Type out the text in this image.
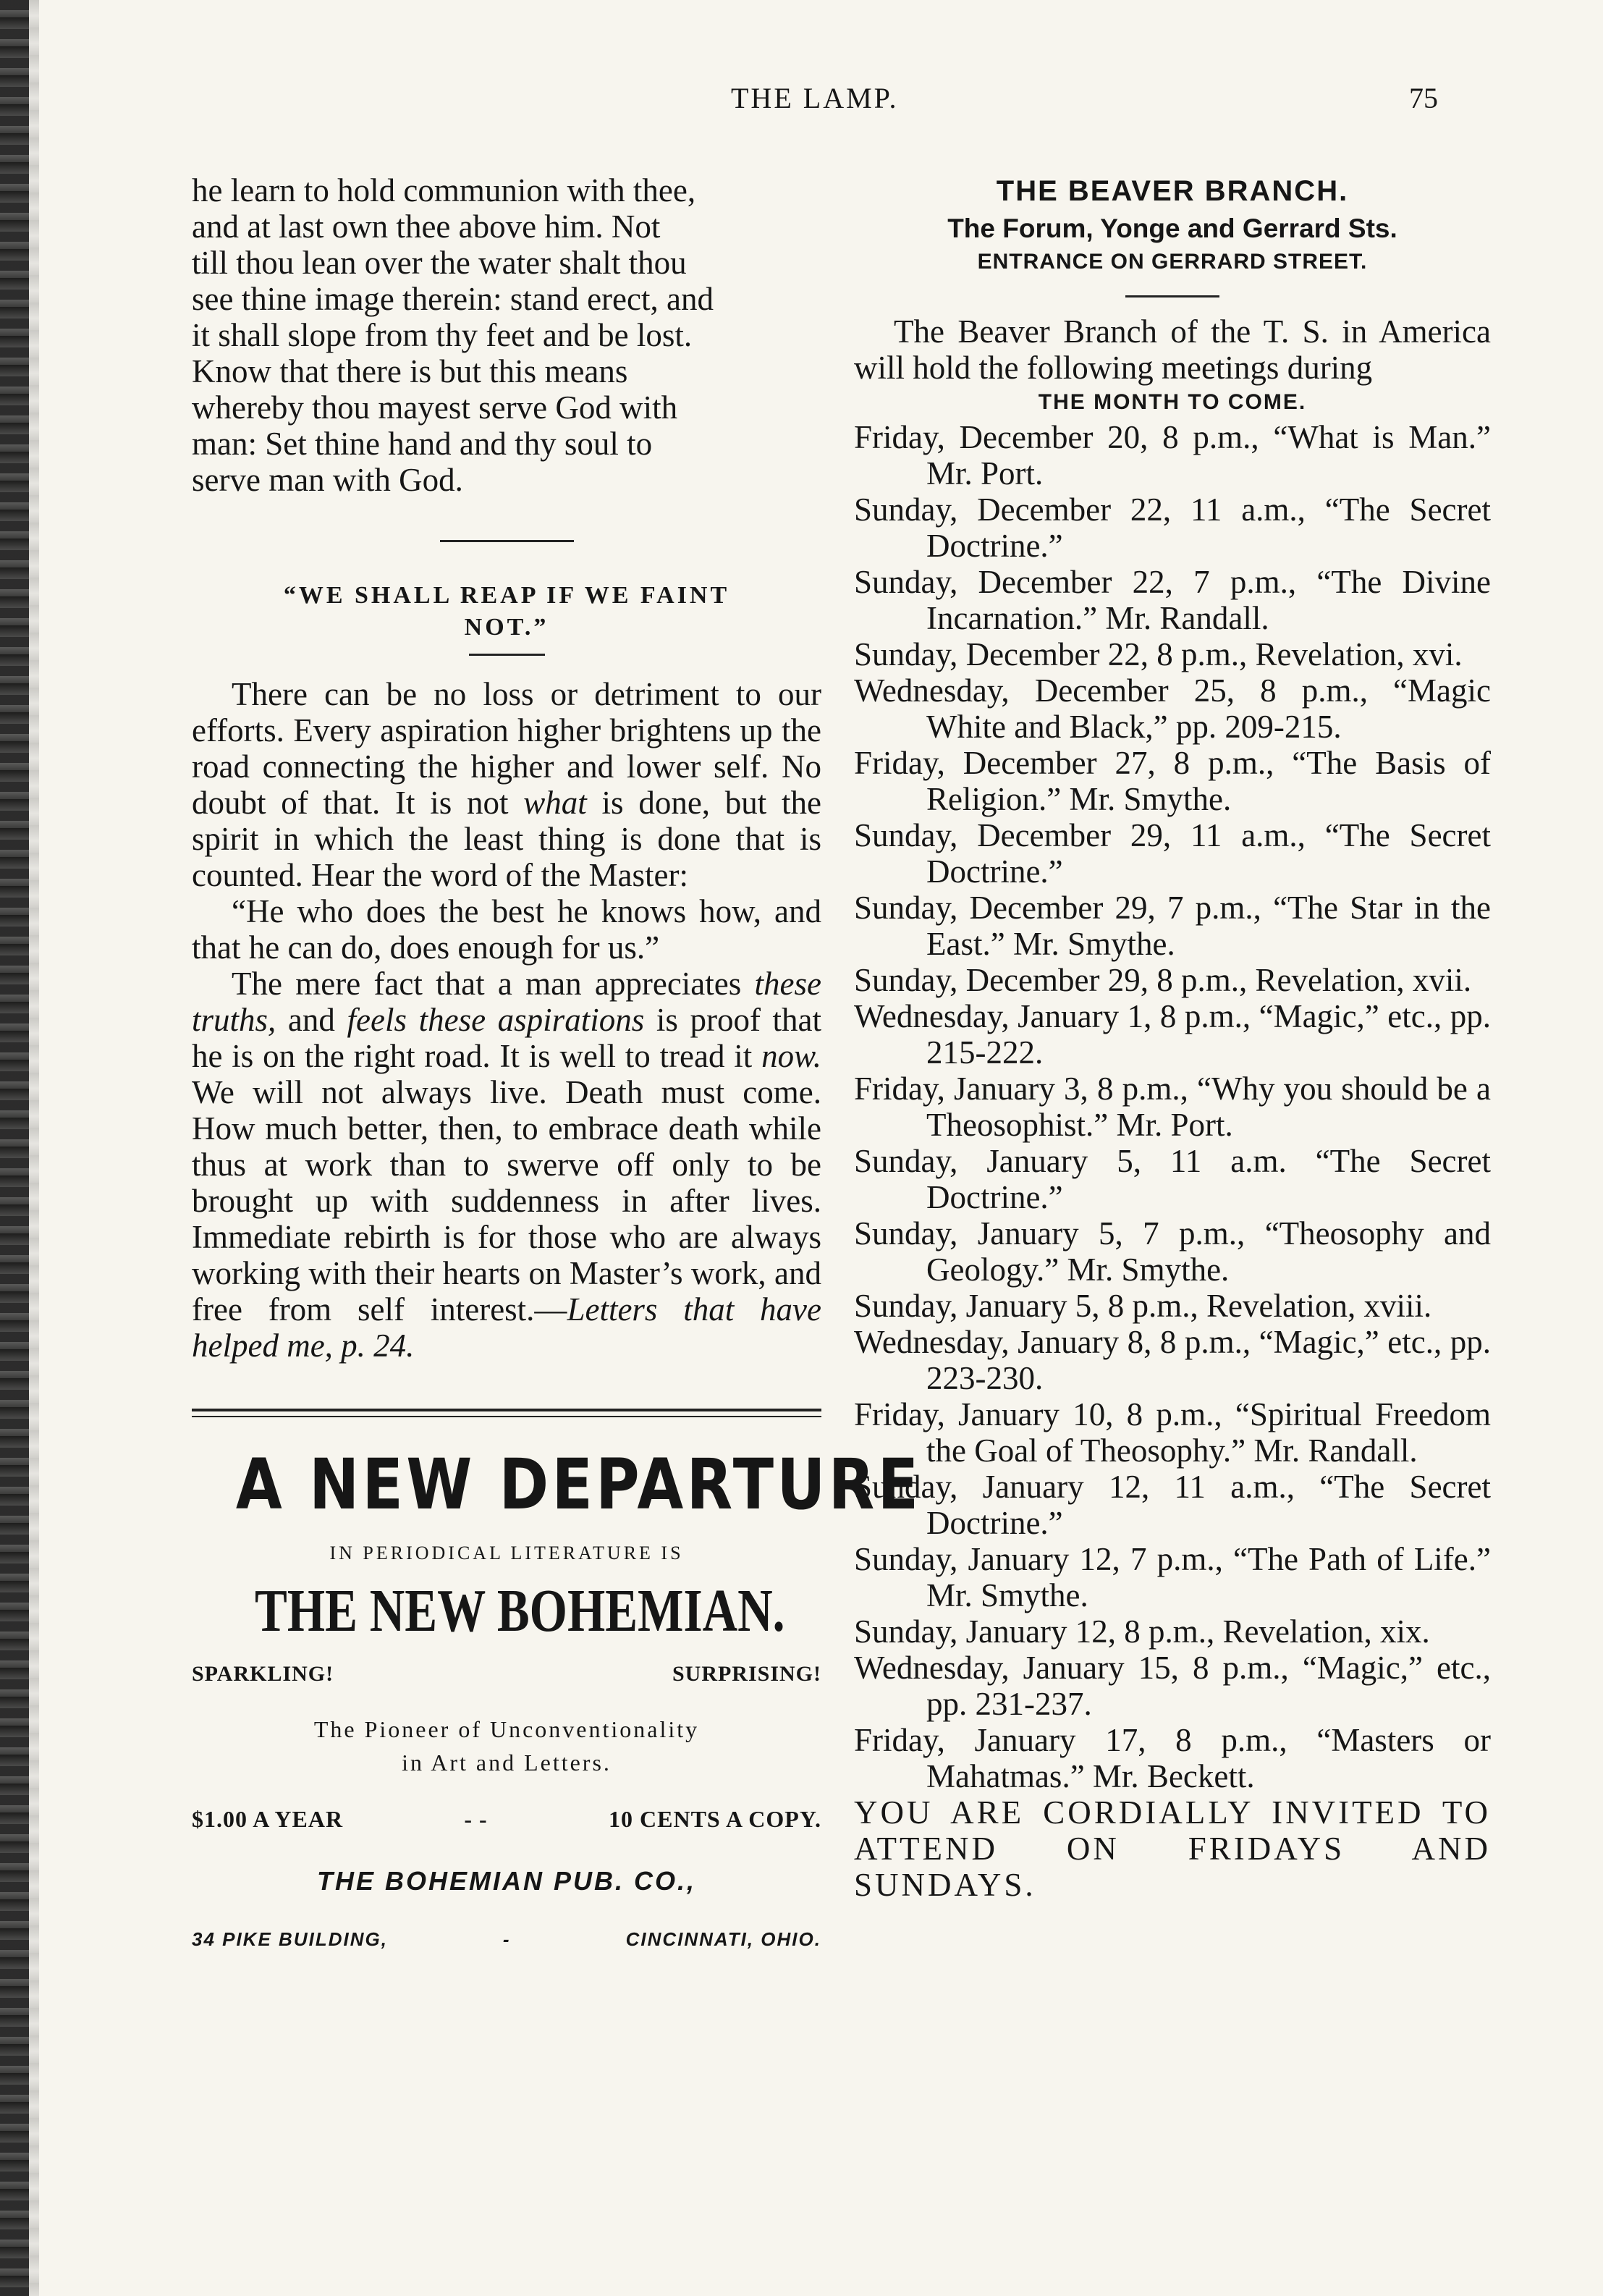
THE LAMP.	75
he learn to hold communion with thee,
and at last own thee above him. Not
till thou lean over the water shalt thou
see thine image therein: stand erect, and
it shall slope from thy feet and be lost.
Know that there is but this means
whereby thou mayest serve God with
man: Set thine hand and thy soul to
serve man with God.
“WE SHALL REAP IF WE FAINT
NOT.”

There can be no loss or detriment to our efforts. Every aspiration higher brightens up the road connecting the higher and lower self. No doubt of that. It is not what is done, but the spirit in which the least thing is done that is counted. Hear the word of the Master:

“He who does the best he knows how, and that he can do, does enough for us.”

The mere fact that a man appreciates these truths, and feels these aspirations is proof that he is on the right road. It is well to tread it now. We will not always live. Death must come. How much better, then, to embrace death while thus at work than to swerve off only to be brought up with suddenness in after lives. Immediate rebirth is for those who are always working with their hearts on Master’s work, and free from self interest.—Letters that have helped me, p. 24.

A NEW DEPARTURE
IN PERIODICAL LITERATURE IS
THE NEW BOHEMIAN.
SPARKLING!	SURPRISING!
The Pioneer of Unconventionality
in Art and Letters.
$1.00 A YEAR	- -	10 CENTS A COPY.
THE BOHEMIAN PUB. CO.,
34 PIKE BUILDING,	-	CINCINNATI, OHIO.
THE BEAVER BRANCH.
The Forum, Yonge and Gerrard Sts.
ENTRANCE ON GERRARD STREET.

The Beaver Branch of the T. S. in America will hold the following meetings during

THE MONTH TO COME.

Friday, December 20, 8 p.m., “What is Man.” Mr. Port.

Sunday, December 22, 11 a.m., “The Secret Doctrine.”

Sunday, December 22, 7 p.m., “The Divine Incarnation.” Mr. Randall.

Sunday, December 22, 8 p.m., Revelation, xvi.

Wednesday, December 25, 8 p.m., “Magic White and Black,” pp. 209-215.

Friday, December 27, 8 p.m., “The Basis of Religion.” Mr. Smythe.

Sunday, December 29, 11 a.m., “The Secret Doctrine.”

Sunday, December 29, 7 p.m., “The Star in the East.” Mr. Smythe.

Sunday, December 29, 8 p.m., Revelation, xvii.

Wednesday, January 1, 8 p.m., “Magic,” etc., pp. 215-222.

Friday, January 3, 8 p.m., “Why you should be a Theosophist.” Mr. Port.

Sunday, January 5, 11 a.m. “The Secret Doctrine.”

Sunday, January 5, 7 p.m., “Theosophy and Geology.” Mr. Smythe.

Sunday, January 5, 8 p.m., Revelation, xviii.

Wednesday, January 8, 8 p.m., “Magic,” etc., pp. 223-230.

Friday, January 10, 8 p.m., “Spiritual Freedom the Goal of Theosophy.” Mr. Randall.

Sunday, January 12, 11 a.m., “The Secret Doctrine.”

Sunday, January 12, 7 p.m., “The Path of Life.” Mr. Smythe.

Sunday, January 12, 8 p.m., Revelation, xix.

Wednesday, January 15, 8 p.m., “Magic,” etc., pp. 231-237.

Friday, January 17, 8 p.m., “Masters or Mahatmas.” Mr. Beckett.

YOU ARE CORDIALLY INVITED TO ATTEND ON FRIDAYS AND SUNDAYS.
